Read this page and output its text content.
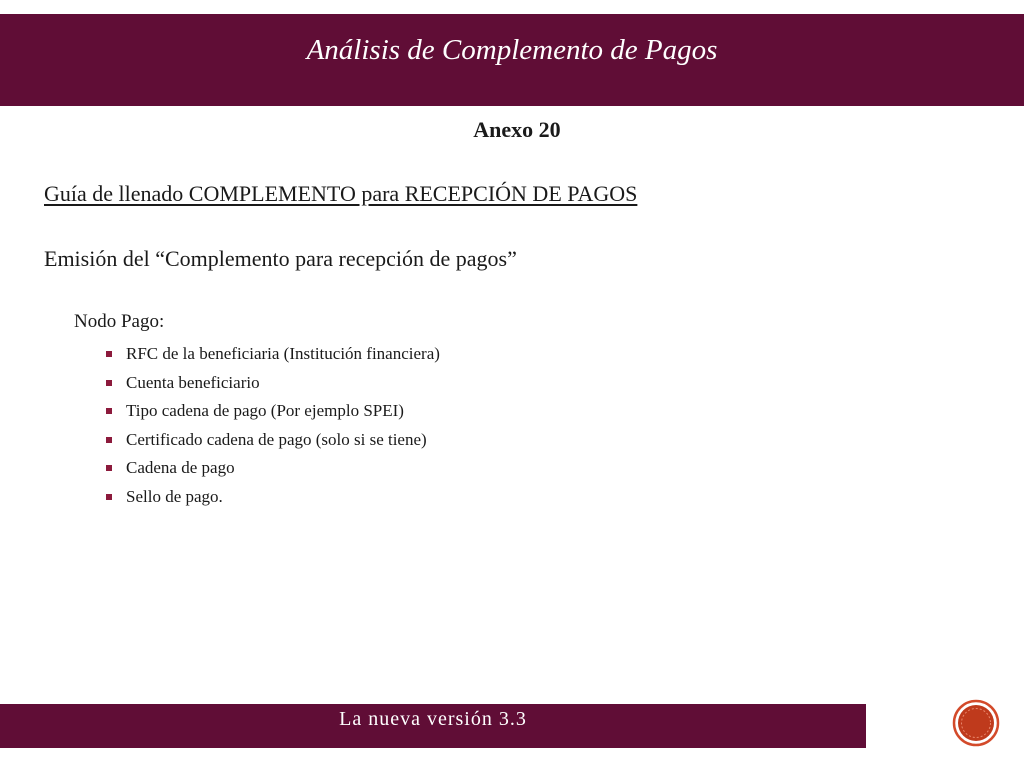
Análisis de Complemento de Pagos
Anexo 20
Guía de llenado COMPLEMENTO para RECEPCIÓN DE PAGOS
Emisión del “Complemento para recepción de pagos”
Nodo Pago:
RFC de la beneficiaria (Institución financiera)
Cuenta beneficiario
Tipo cadena de pago (Por ejemplo SPEI)
Certificado cadena de pago (solo si se tiene)
Cadena de pago
Sello de pago.
La nueva versión 3.3
